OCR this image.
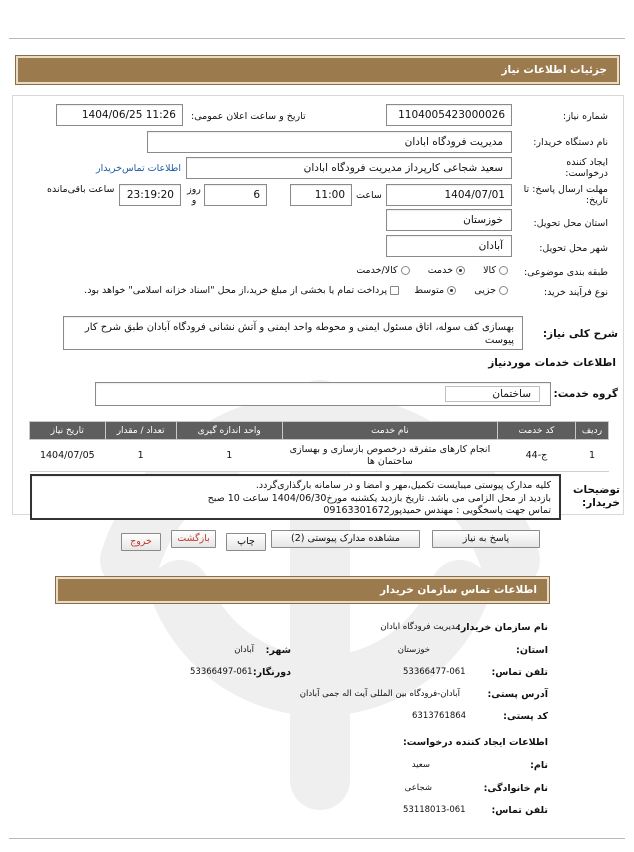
جزئیات اطلاعات نیاز
شماره نیاز:
1104005423000026
تاریخ و ساعت اعلان عمومی:
1404/06/25 11:26
نام دستگاه خریدار:
مدیریت فرودگاه ابادان
ایجاد کننده درخواست:
سعید شجاعی کارپرداز مدیریت فرودگاه ابادان
اطلاعات تماس‌خریدار
مهلت ارسال پاسخ: تا تاریخ:
1404/07/01
ساعت
11:00
6
روز و
23:19:20
ساعت باقی‌مانده
استان محل تحویل:
خوزستان
شهر محل تحویل:
آبادان
طبقه بندی موضوعی:
کالا       خدمت       کالا/خدمت
نوع فرآیند خرید:
جزیی       متوسط      پرداخت تمام یا بخشی از مبلغ خرید،از محل "اسناد خزانه اسلامی" خواهد بود.
شرح کلی نیاز:
بهسازی کف سوله، اتاق مسئول ایمنی و محوطه واحد ایمنی و آتش نشانی فرودگاه آبادان طبق شرح کار پیوست
اطلاعات خدمات موردنیاز
گروه خدمت:
ساختمان
ردیف	کد خدمت	نام خدمت	واحد اندازه گیری	تعداد / مقدار	تاریخ نیاز
1	ج-44	انجام کارهای متفرقه درخصوص بازسازی و بهسازی ساختمان ها	1	1	1404/07/05
توضیحات خریدار:
کلیه مدارک پیوستی میبایست تکمیل،مهر و امضا و در سامانه بارگذاری‌گردد.
بازدید از محل الزامی می باشد. تاریخ بازدید یکشنبه مورخ1404/06/30 ساعت 10 صبح
تماس جهت پاسخگویی : مهندس حمیدپور09163301672
پاسخ به نیاز
مشاهده مدارک پیوستی (2)
چاپ
بازگشت
خروج
اطلاعات تماس سازمان خریدار
نام سازمان خریدار:
مدیریت فرودگاه ابادان
استان:
خوزستان
شهر:
آبادان
تلفن تماس:
53366477-061
دورنگار:
53366497-061
آدرس پستی:
آبادان-فرودگاه بین المللی آیت اله جمی آبادان
کد پستی:
6313761864
اطلاعات ایجاد کننده درخواست:
نام:
سعید
نام خانوادگی:
شجاعی
تلفن تماس:
53118013-061
